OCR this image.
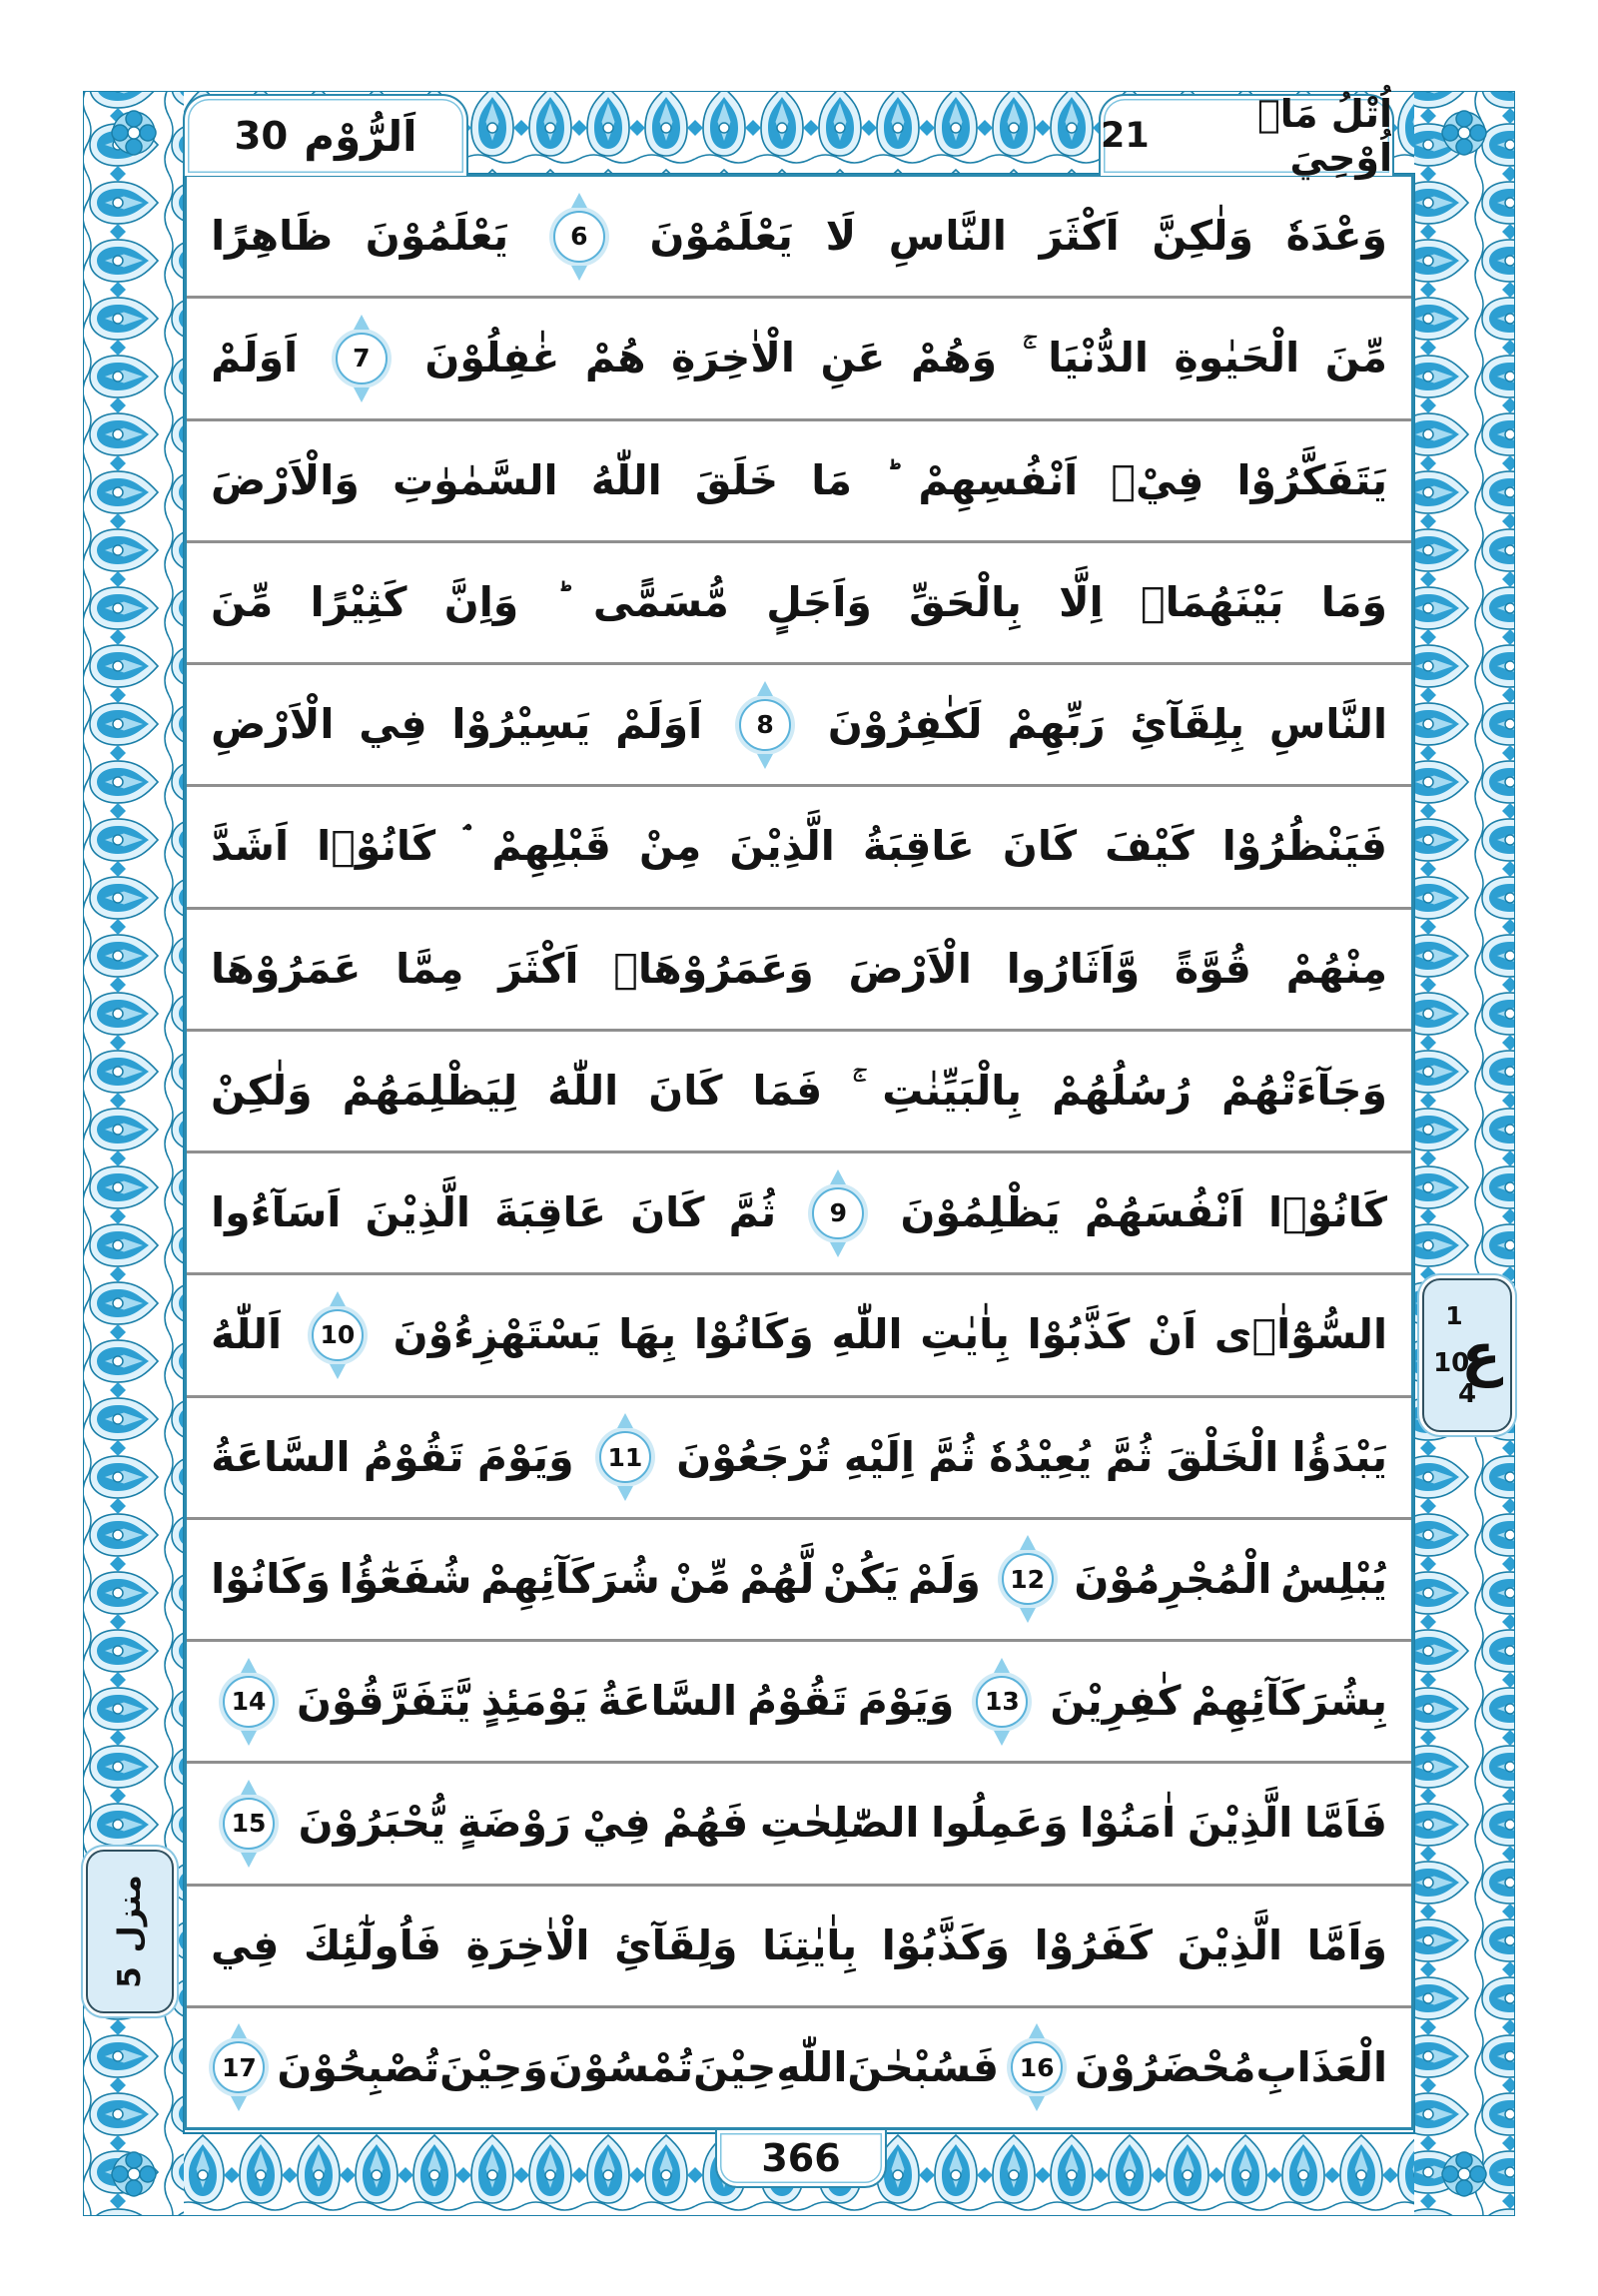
اَلرُّوْم
30	اُتْلُ مَاۤ اُوْحِيَ
21
وَعْدَهٗ
وَلٰكِنَّ
اَكْثَرَ
النَّاسِ
لَا
يَعْلَمُوْنَ
6
يَعْلَمُوْنَ
ظَاهِرًا
مِّنَ
الْحَيٰوةِ
الدُّنْيَا
وَهُمْ
عَنِ
الْاٰخِرَةِ
هُمْ
غٰفِلُوْنَ
7
اَوَلَمْ
يَتَفَكَّرُوْا
فِيْۤ
اَنْفُسِهِمْ
مَا
خَلَقَ
اللّٰهُ
السَّمٰوٰتِ
وَالْاَرْضَ
وَمَا
بَيْنَهُمَاۤ
اِلَّا
بِالْحَقِّ
وَاَجَلٍ
مُّسَمًّى
وَاِنَّ
كَثِيْرًا
مِّنَ
النَّاسِ
بِلِقَآئِ
رَبِّهِمْ
لَكٰفِرُوْنَ
8
اَوَلَمْ
يَسِيْرُوْا
فِي
الْاَرْضِ
فَيَنْظُرُوْا
كَيْفَ
كَانَ
عَاقِبَةُ
الَّذِيْنَ
مِنْ
قَبْلِهِمْ
كَانُوْۤا
اَشَدَّ
مِنْهُمْ
قُوَّةً
وَّاَثَارُوا
الْاَرْضَ
وَعَمَرُوْهَاۤ
اَكْثَرَ
مِمَّا
عَمَرُوْهَا
وَجَآءَتْهُمْ
رُسُلُهُمْ
بِالْبَيِّنٰتِ
فَمَا
كَانَ
اللّٰهُ
لِيَظْلِمَهُمْ
وَلٰكِنْ
كَانُوْۤا
اَنْفُسَهُمْ
يَظْلِمُوْنَ
9
ثُمَّ
كَانَ
عَاقِبَةَ
الَّذِيْنَ
اَسَآءُوا
السُّوْٓاٰۤى
اَنْ
كَذَّبُوْا
بِاٰيٰتِ
اللّٰهِ
وَكَانُوْا
بِهَا
يَسْتَهْزِءُوْنَ
10
اَللّٰهُ
يَبْدَؤُا
الْخَلْقَ
ثُمَّ
يُعِيْدُهٗ
ثُمَّ
اِلَيْهِ
تُرْجَعُوْنَ
11
وَيَوْمَ
تَقُوْمُ
السَّاعَةُ
يُبْلِسُ
الْمُجْرِمُوْنَ
12
وَلَمْ
يَكُنْ
لَّهُمْ
مِّنْ
شُرَكَآئِهِمْ
شُفَعٰٓؤُا
وَكَانُوْا
بِشُرَكَآئِهِمْ
كٰفِرِيْنَ
13
وَيَوْمَ
تَقُوْمُ
السَّاعَةُ
يَوْمَئِذٍ
يَّتَفَرَّقُوْنَ
14
فَاَمَّا
الَّذِيْنَ
اٰمَنُوْا
وَعَمِلُوا
الصّٰلِحٰتِ
فَهُمْ
فِيْ
رَوْضَةٍ
يُّحْبَرُوْنَ
15
وَاَمَّا
الَّذِيْنَ
كَفَرُوْا
وَكَذَّبُوْا
بِاٰيٰتِنَا
وَلِقَآئِ
الْاٰخِرَةِ
فَاُولٰٓئِكَ
فِي
الْعَذَابِ
مُحْضَرُوْنَ
16
فَسُبْحٰنَ
اللّٰهِ
حِيْنَ
تُمْسُوْنَ
وَحِيْنَ
تُصْبِحُوْنَ
17
1
ع
10
4
منزل
5
366
